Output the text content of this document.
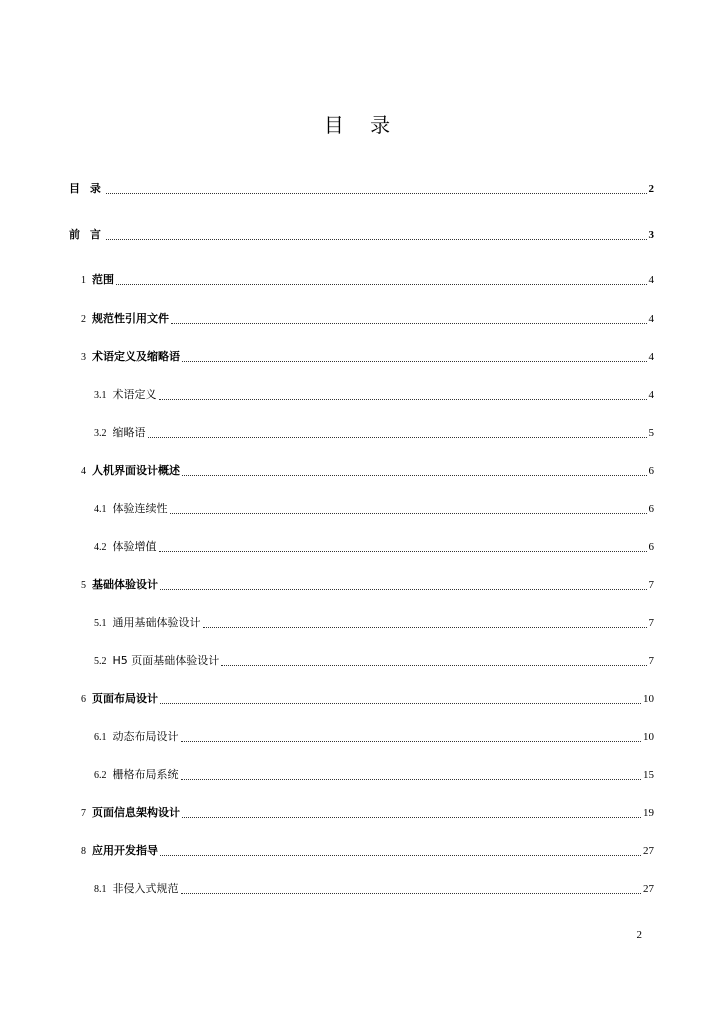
目 录
目 录	2
前 言	3
1 范围	4
2 规范性引用文件	4
3 术语定义及缩略语	4
3.1 术语定义	4
3.2 缩略语	5
4 人机界面设计概述	6
4.1 体验连续性	6
4.2 体验增值	6
5 基础体验设计	7
5.1 通用基础体验设计	7
5.2 H5 页面基础体验设计	7
6 页面布局设计	10
6.1 动态布局设计	10
6.2 栅格布局系统	15
7 页面信息架构设计	19
8 应用开发指导	27
8.1 非侵入式规范	27
2
